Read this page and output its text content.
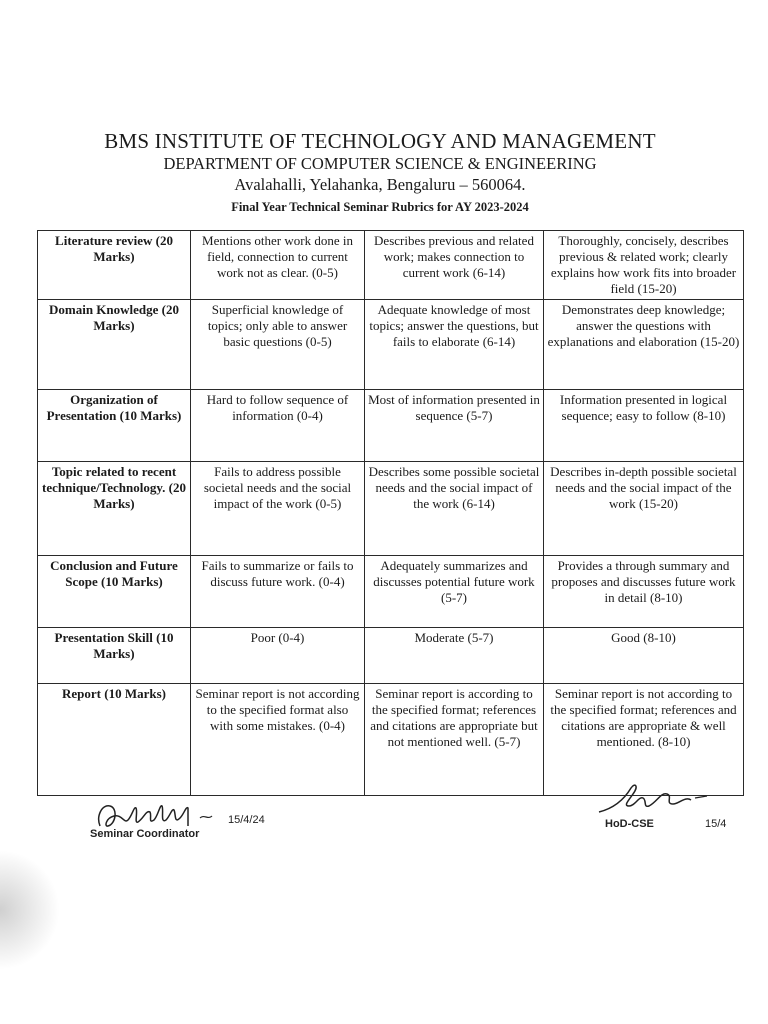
BMS INSTITUTE OF TECHNOLOGY AND MANAGEMENT

DEPARTMENT OF COMPUTER SCIENCE & ENGINEERING

Avalahalli, Yelahanka, Bengaluru – 560064.

Final Year Technical Seminar Rubrics for AY 2023-2024

Literature review (20 Marks)	Mentions other work done in field, connection to current work not as clear. (0-5)	Describes previous and related work; makes connection to current work (6-14)	Thoroughly, concisely, describes previous & related work; clearly explains how work fits into broader field (15-20)
Domain Knowledge (20 Marks)	Superficial knowledge of topics; only able to answer basic questions (0-5)	Adequate knowledge of most topics; answer the questions, but fails to elaborate (6-14)	Demonstrates deep knowledge; answer the questions with explanations and elaboration (15-20)
Organization of Presentation (10 Marks)	Hard to follow sequence of information (0-4)	Most of information presented in sequence (5-7)	Information presented in logical sequence; easy to follow (8-10)
Topic related to recent technique/Technology. (20 Marks)	Fails to address possible societal needs and the social impact of the work (0-5)	Describes some possible societal needs and the social impact of the work (6-14)	Describes in-depth possible societal needs and the social impact of the work (15-20)
Conclusion and Future Scope (10 Marks)	Fails to summarize or fails to discuss future work. (0-4)	Adequately summarizes and discusses potential future work (5-7)	Provides a through summary and proposes and discusses future work in detail (8-10)
Presentation Skill (10 Marks)	Poor (0-4)	Moderate (5-7)	Good (8-10)
Report (10 Marks)	Seminar report is not according to the specified format also with some mistakes. (0-4)	Seminar report is according to the specified format; references and citations are appropriate but not mentioned well. (5-7)	Seminar report is not according to the specified format; references and citations are appropriate & well mentioned. (8-10)
15/4/24
Seminar Coordinator
HoD-CSE	15/4
